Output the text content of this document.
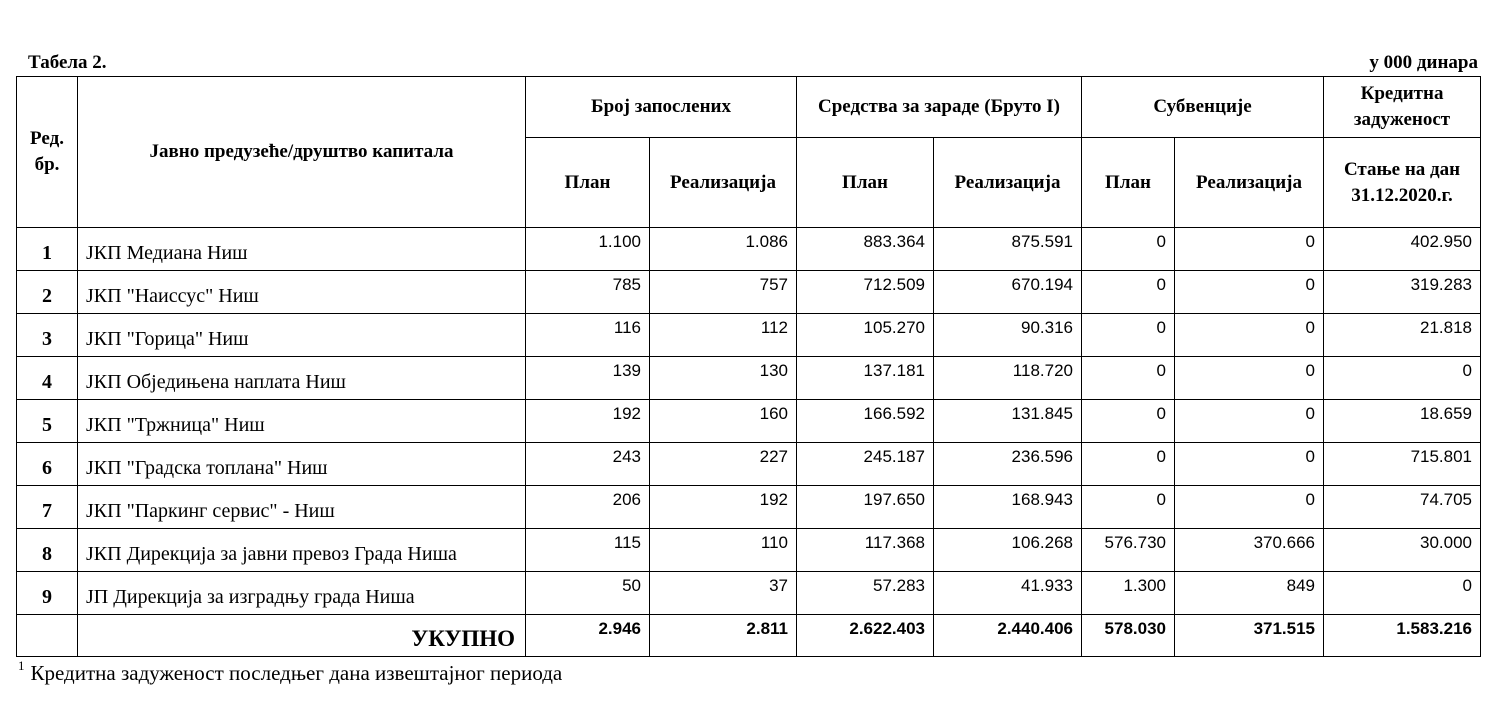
Табела 2.	у 000 динара
Ред. бр.	Јавно предузеће/друштво капитала	Број запослених		Средства за зараде (Бруто I)		Субвенције		Кредитна задуженост
		План	Реализација	План	Реализација	План	Реализација	Стање на дан 31.12.2020.г.
1	ЈКП Медиана Ниш	1.100	1.086	883.364	875.591	0	0	402.950
2	ЈКП "Наиссус" Ниш	785	757	712.509	670.194	0	0	319.283
3	ЈКП "Горица" Ниш	116	112	105.270	90.316	0	0	21.818
4	ЈКП Обједињена наплата Ниш	139	130	137.181	118.720	0	0	0
5	ЈКП "Тржница" Ниш	192	160	166.592	131.845	0	0	18.659
6	ЈКП "Градска топлана" Ниш	243	227	245.187	236.596	0	0	715.801
7	ЈКП "Паркинг сервис" - Ниш	206	192	197.650	168.943	0	0	74.705
8	ЈКП Дирекција за јавни превоз Града Ниша	115	110	117.368	106.268	576.730	370.666	30.000
9	ЈП Дирекција за изградњу града Ниша	50	37	57.283	41.933	1.300	849	0
	УКУПНО	2.946	2.811	2.622.403	2.440.406	578.030	371.515	1.583.216
$^1$ Кредитна задуженост последњег дана извештајног периода
